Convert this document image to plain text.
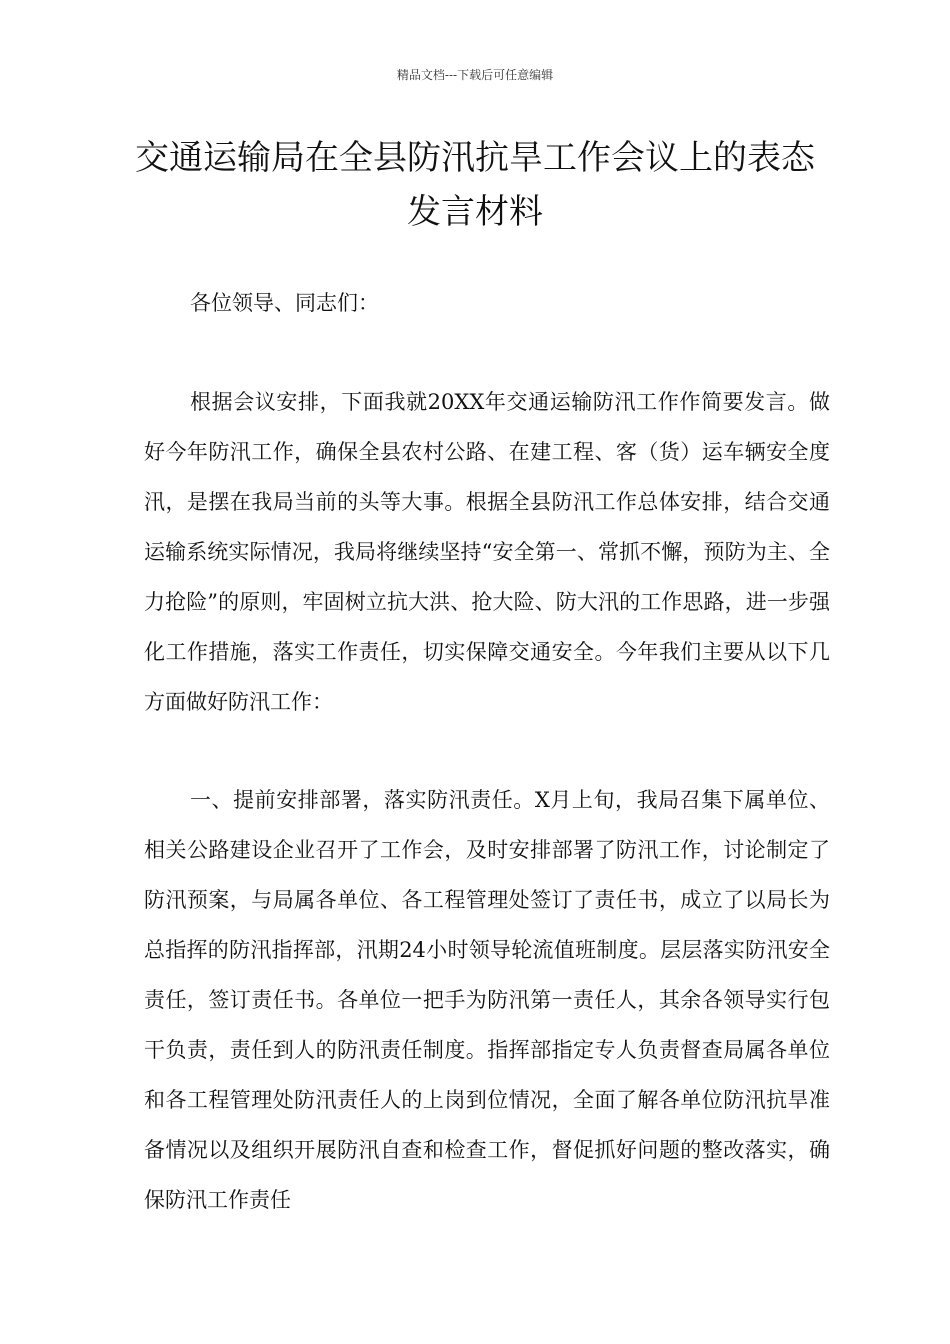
精品文档---下载后可任意编辑
交通运输局在全县防汛抗旱工作会议上的表态发言材料
各位领导、同志们：
根据会议安排，下面我就20XX年交通运输防汛工作作简要发言。做好今年防汛工作，确保全县农村公路、在建工程、客（货）运车辆安全度汛，是摆在我局当前的头等大事。根据全县防汛工作总体安排，结合交通运输系统实际情况，我局将继续坚持“安全第一、常抓不懈，预防为主、全力抢险”的原则，牢固树立抗大洪、抢大险、防大汛的工作思路，进一步强化工作措施，落实工作责任，切实保障交通安全。今年我们主要从以下几方面做好防汛工作：
一、提前安排部署，落实防汛责任。X月上旬，我局召集下属单位、相关公路建设企业召开了工作会，及时安排部署了防汛工作，讨论制定了防汛预案，与局属各单位、各工程管理处签订了责任书，成立了以局长为总指挥的防汛指挥部，汛期24小时领导轮流值班制度。层层落实防汛安全责任，签订责任书。各单位一把手为防汛第一责任人，其余各领导实行包干负责，责任到人的防汛责任制度。指挥部指定专人负责督查局属各单位和各工程管理处防汛责任人的上岗到位情况，全面了解各单位防汛抗旱准备情况以及组织开展防汛自查和检查工作，督促抓好问题的整改落实，确保防汛工作责任
